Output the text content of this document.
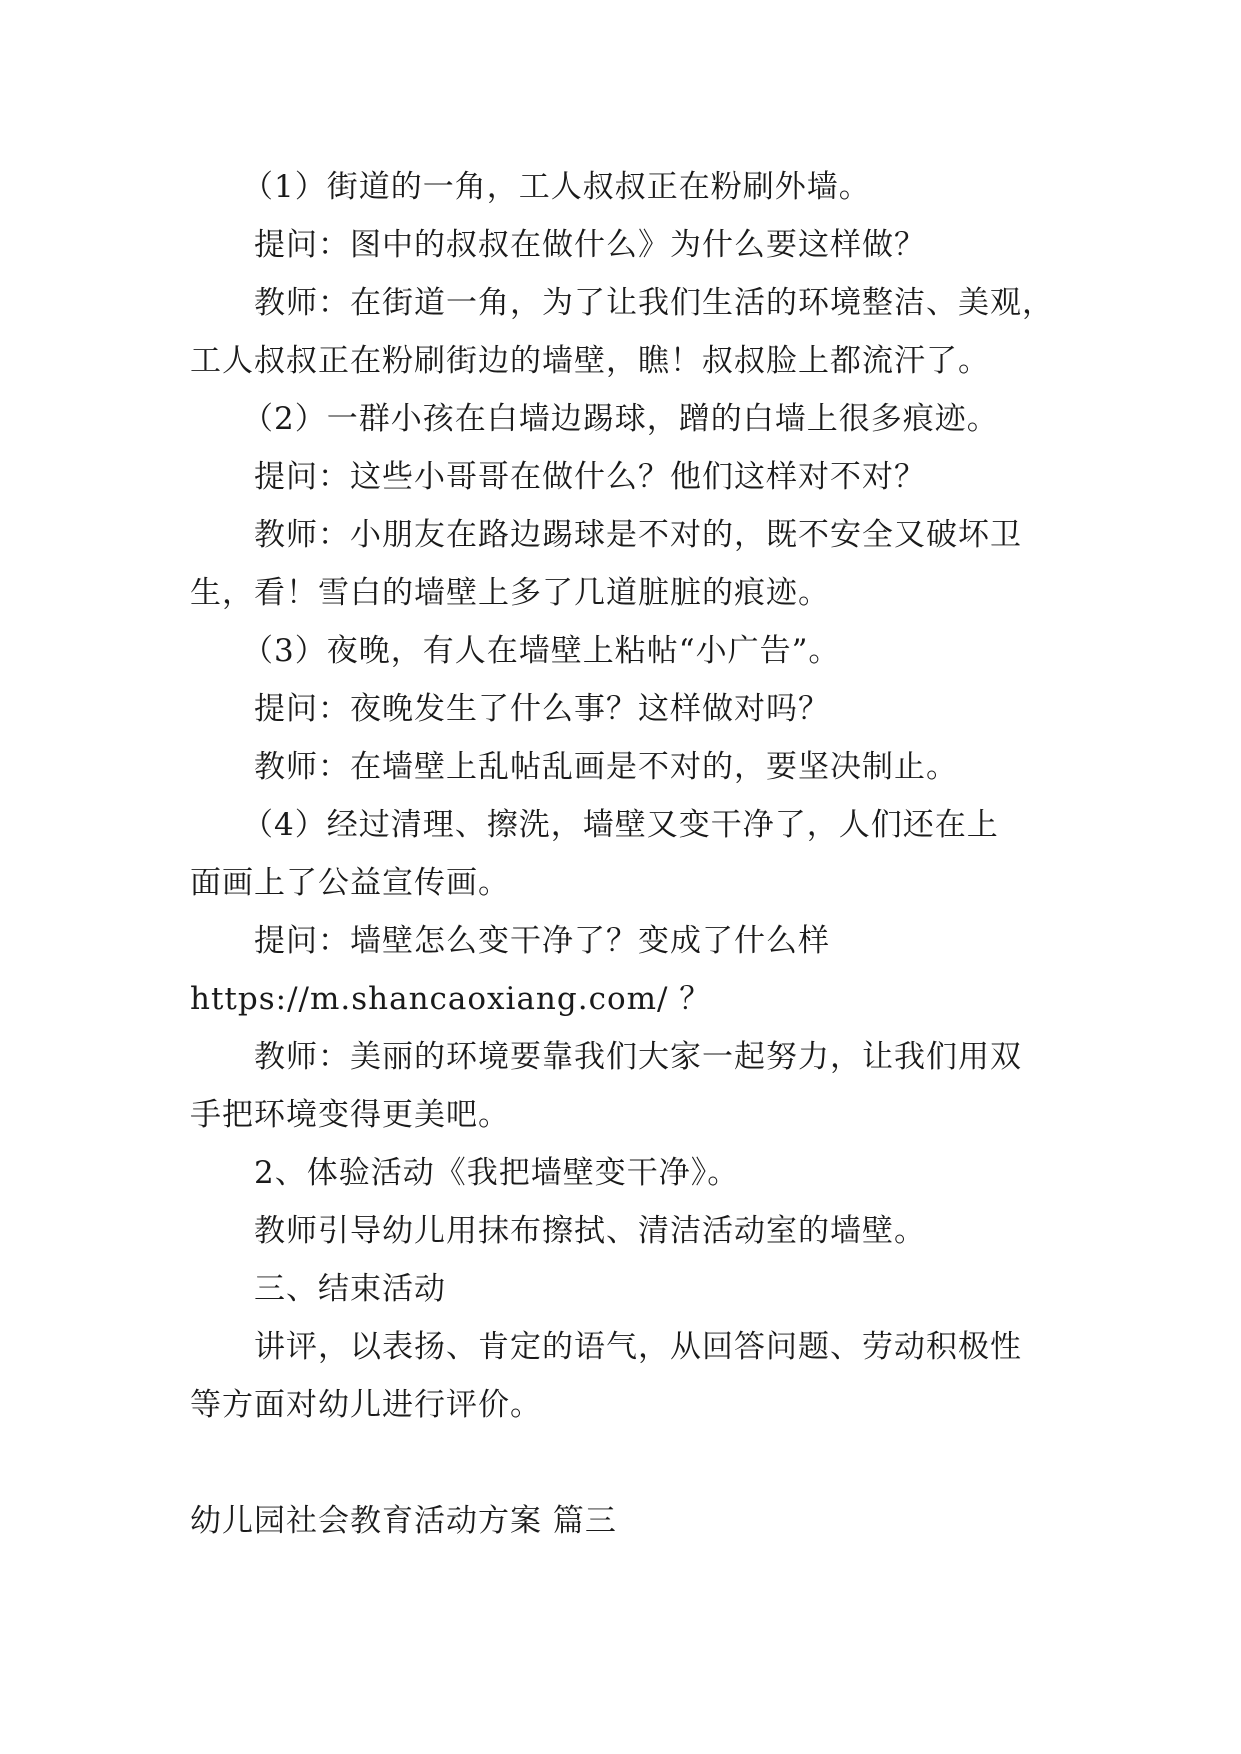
（1）街道的一角，工人叔叔正在粉刷外墙。

提问：图中的叔叔在做什么》为什么要这样做？

教师：在街道一角，为了让我们生活的环境整洁、美观，

工人叔叔正在粉刷街边的墙壁，瞧！叔叔脸上都流汗了。

（2）一群小孩在白墙边踢球，蹭的白墙上很多痕迹。

提问：这些小哥哥在做什么？他们这样对不对？

教师：小朋友在路边踢球是不对的，既不安全又破坏卫

生，看！雪白的墙壁上多了几道脏脏的痕迹。

（3）夜晚，有人在墙壁上粘帖“小广告”。

提问：夜晚发生了什么事？这样做对吗？

教师：在墙壁上乱帖乱画是不对的，要坚决制止。

（4）经过清理、擦洗，墙壁又变干净了，人们还在上

面画上了公益宣传画。

提问：墙壁怎么变干净了？变成了什么样

https://m.shancaoxiang.com/ ？

教师：美丽的环境要靠我们大家一起努力，让我们用双

手把环境变得更美吧。

2、体验活动《我把墙壁变干净》。

教师引导幼儿用抹布擦拭、清洁活动室的墙壁。

三、结束活动

讲评，以表扬、肯定的语气，从回答问题、劳动积极性

等方面对幼儿进行评价。

幼儿园社会教育活动方案 篇三
